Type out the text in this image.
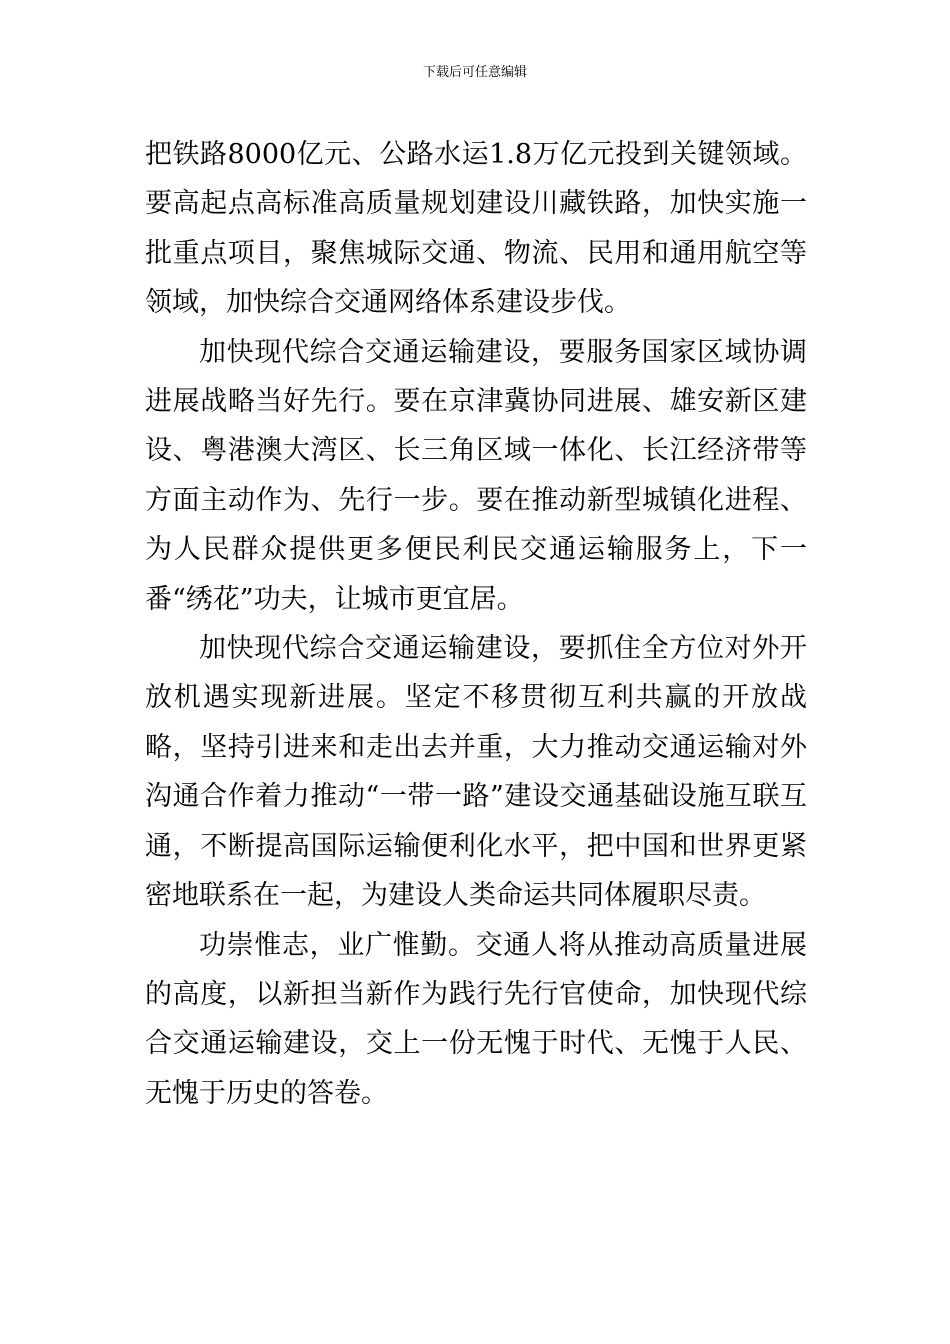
下载后可任意编辑

把铁路8000亿元、公路水运1.8万亿元投到关键领域。要高起点高标准高质量规划建设川藏铁路，加快实施一批重点项目，聚焦城际交通、物流、民用和通用航空等领域，加快综合交通网络体系建设步伐。

加快现代综合交通运输建设，要服务国家区域协调进展战略当好先行。要在京津冀协同进展、雄安新区建设、粤港澳大湾区、长三角区域一体化、长江经济带等方面主动作为、先行一步。要在推动新型城镇化进程、为人民群众提供更多便民利民交通运输服务上，下一番“绣花”功夫，让城市更宜居。

加快现代综合交通运输建设，要抓住全方位对外开放机遇实现新进展。坚定不移贯彻互利共赢的开放战略，坚持引进来和走出去并重，大力推动交通运输对外沟通合作着力推动“一带一路”建设交通基础设施互联互通，不断提高国际运输便利化水平，把中国和世界更紧密地联系在一起，为建设人类命运共同体履职尽责。

功崇惟志，业广惟勤。交通人将从推动高质量进展的高度，以新担当新作为践行先行官使命，加快现代综合交通运输建设，交上一份无愧于时代、无愧于人民、无愧于历史的答卷。
